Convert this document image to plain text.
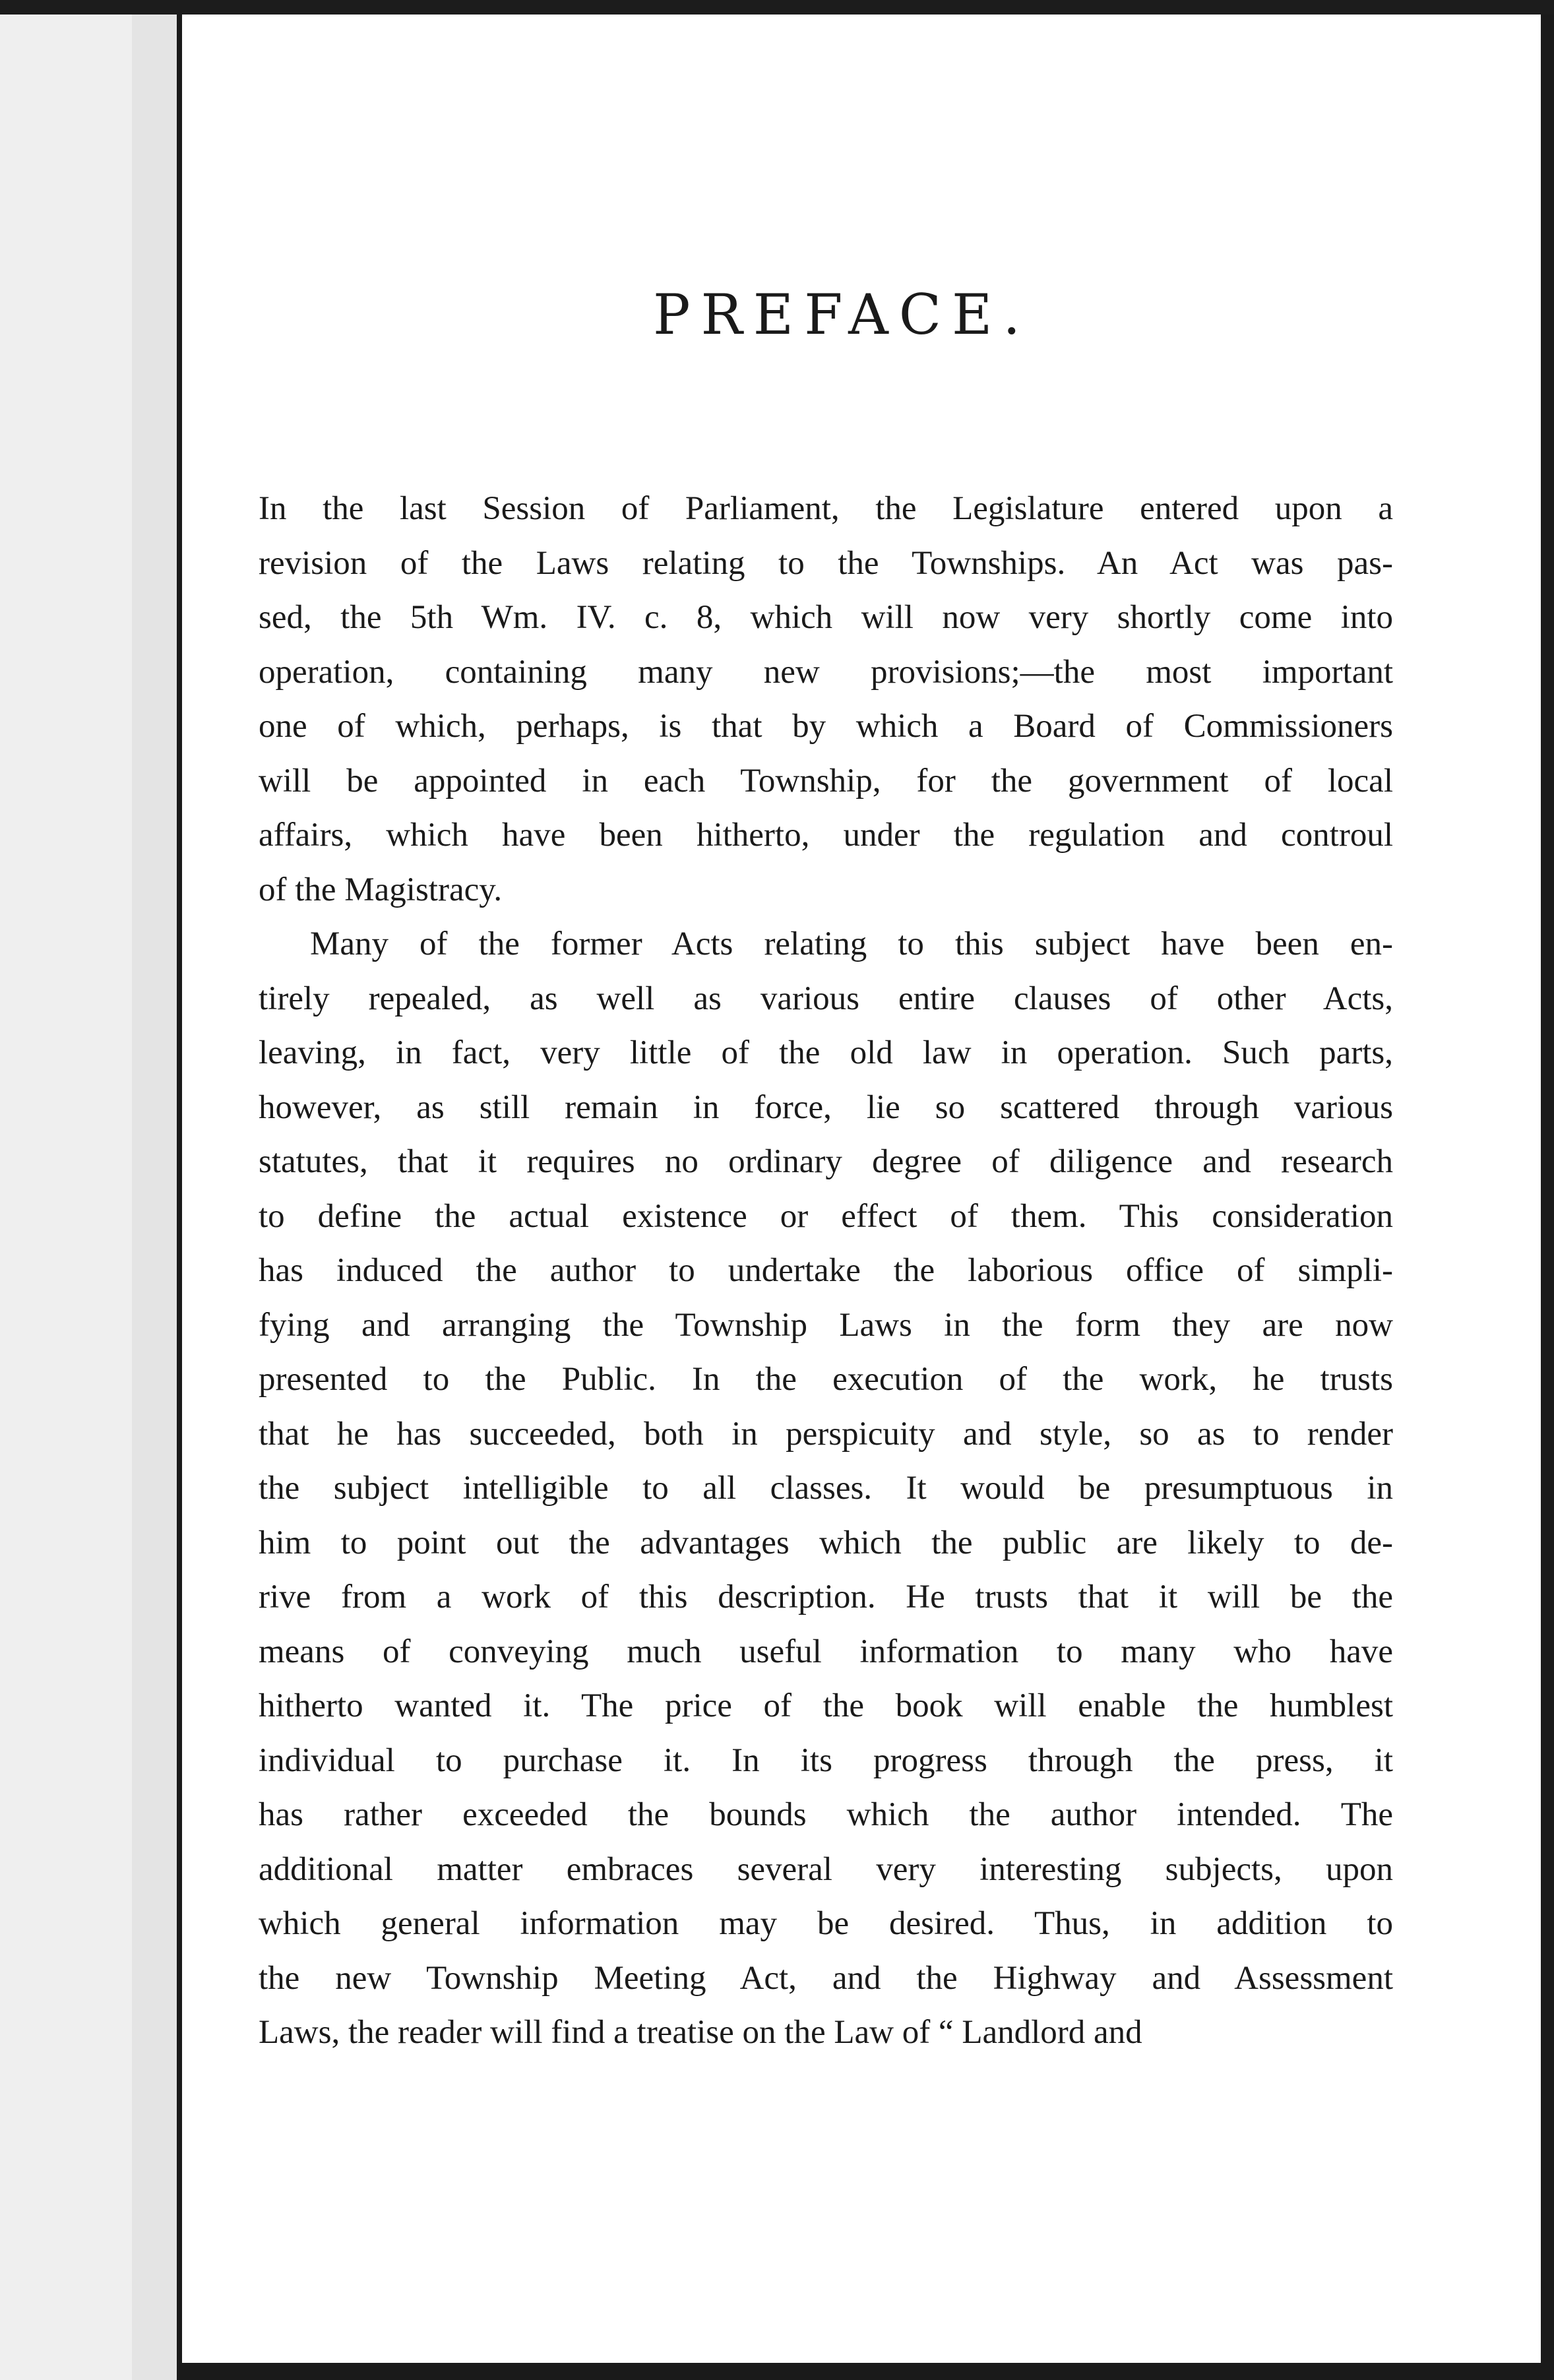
PREFACE.
In the last Session of Parliament, the Legislature entered upon a
revision of the Laws relating to the Townships. An Act was pas-
sed, the 5th Wm. IV. c. 8, which will now very shortly come into
operation, containing many new provisions;—the most important
one of which, perhaps, is that by which a Board of Commissioners
will be appointed in each Township, for the government of local
affairs, which have been hitherto, under the regulation and controul
of the Magistracy.
Many of the former Acts relating to this subject have been en-
tirely repealed, as well as various entire clauses of other Acts,
leaving, in fact, very little of the old law in operation. Such parts,
however, as still remain in force, lie so scattered through various
statutes, that it requires no ordinary degree of diligence and research
to define the actual existence or effect of them. This consideration
has induced the author to undertake the laborious office of simpli-
fying and arranging the Township Laws in the form they are now
presented to the Public. In the execution of the work, he trusts
that he has succeeded, both in perspicuity and style, so as to render
the subject intelligible to all classes. It would be presumptuous in
him to point out the advantages which the public are likely to de-
rive from a work of this description. He trusts that it will be the
means of conveying much useful information to many who have
hitherto wanted it. The price of the book will enable the humblest
individual to purchase it. In its progress through the press, it
has rather exceeded the bounds which the author intended. The
additional matter embraces several very interesting subjects, upon
which general information may be desired. Thus, in addition to
the new Township Meeting Act, and the Highway and Assessment
Laws, the reader will find a treatise on the Law of “ Landlord and
